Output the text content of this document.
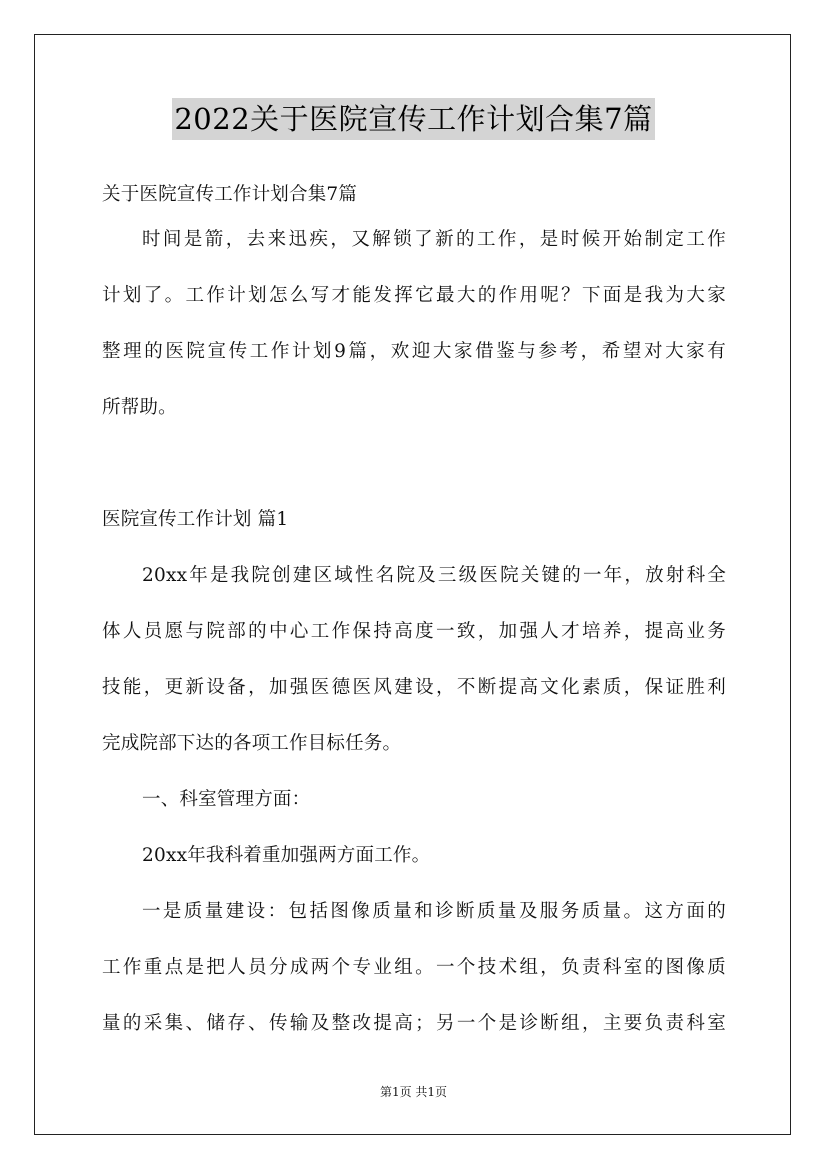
2022关于医院宣传工作计划合集7篇

关于医院宣传工作计划合集7篇

时间是箭，去来迅疾，又解锁了新的工作，是时候开始制定工作

计划了。工作计划怎么写才能发挥它最大的作用呢？下面是我为大家

整理的医院宣传工作计划9篇，欢迎大家借鉴与参考，希望对大家有

所帮助。

医院宣传工作计划 篇1

20xx年是我院创建区域性名院及三级医院关键的一年，放射科全

体人员愿与院部的中心工作保持高度一致，加强人才培养，提高业务

技能，更新设备，加强医德医风建设，不断提高文化素质，保证胜利

完成院部下达的各项工作目标任务。

一、科室管理方面：

20xx年我科着重加强两方面工作。

一是质量建设：包括图像质量和诊断质量及服务质量。这方面的

工作重点是把人员分成两个专业组。一个技术组，负责科室的图像质

量的采集、储存、传输及整改提高；另一个是诊断组，主要负责科室

第1页 共1页
